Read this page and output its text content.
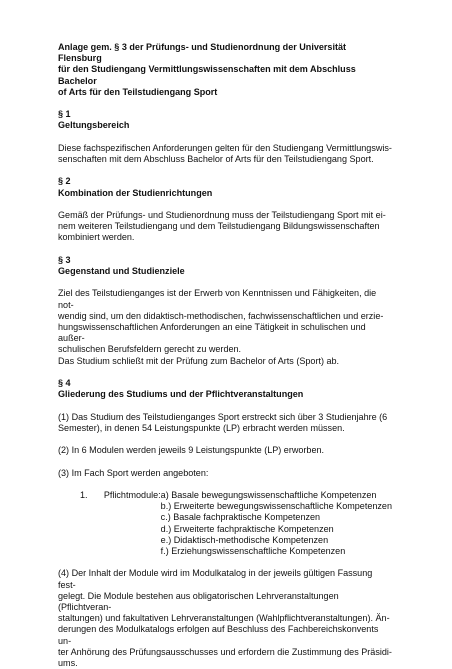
Anlage gem. § 3 der Prüfungs- und Studienordnung der Universität Flensburg
für den Studiengang Vermittlungswissenschaften mit dem Abschluss Bachelor
of Arts für den Teilstudiengang Sport
§ 1
Geltungsbereich
Diese fachspezifischen Anforderungen gelten für den Studiengang Vermittlungswis-
senschaften mit dem Abschluss Bachelor of Arts für den Teilstudiengang Sport.
§ 2
Kombination der Studienrichtungen
Gemäß der Prüfungs- und Studienordnung muss der Teilstudiengang Sport mit ei-
nem weiteren Teilstudiengang und dem Teilstudiengang Bildungswissenschaften
kombiniert werden.
§ 3
Gegenstand und Studienziele
Ziel des Teilstudienganges ist der Erwerb von Kenntnissen und Fähigkeiten, die not-
wendig sind, um den didaktisch-methodischen, fachwissenschaftlichen und erzie-
hungswissenschaftlichen Anforderungen an eine Tätigkeit in schulischen und außer-
schulischen Berufsfeldern gerecht zu werden.
Das Studium schließt mit der Prüfung zum Bachelor of Arts (Sport) ab.
§ 4
Gliederung des Studiums und der Pflichtveranstaltungen
(1) Das Studium des Teilstudienganges Sport erstreckt sich über 3 Studienjahre (6
Semester), in denen 54 Leistungspunkte (LP) erbracht werden müssen.
(2) In 6 Modulen werden jeweils 9 Leistungspunkte (LP) erworben.
(3) Im Fach Sport werden angeboten:
1.	Pflichtmodule: a) Basale bewegungswissenschaftliche Kompetenzen
b.) Erweiterte bewegungswissenschaftliche Kompetenzen
c.) Basale fachpraktische Kompetenzen
d.) Erweiterte fachpraktische Kompetenzen
e.) Didaktisch-methodische Kompetenzen
f.) Erziehungswissenschaftliche Kompetenzen
(4) Der Inhalt der Module wird im Modulkatalog in der jeweils gültigen Fassung fest-
gelegt. Die Module bestehen aus obligatorischen Lehrveranstaltungen (Pflichtveran-
staltungen) und fakultativen Lehrveranstaltungen (Wahlpflichtveranstaltungen). Än-
derungen des Modulkatalogs erfolgen auf Beschluss des Fachbereichskonvents un-
ter Anhörung des Prüfungsausschusses und erfordern die Zustimmung des Präsidi-
ums.
